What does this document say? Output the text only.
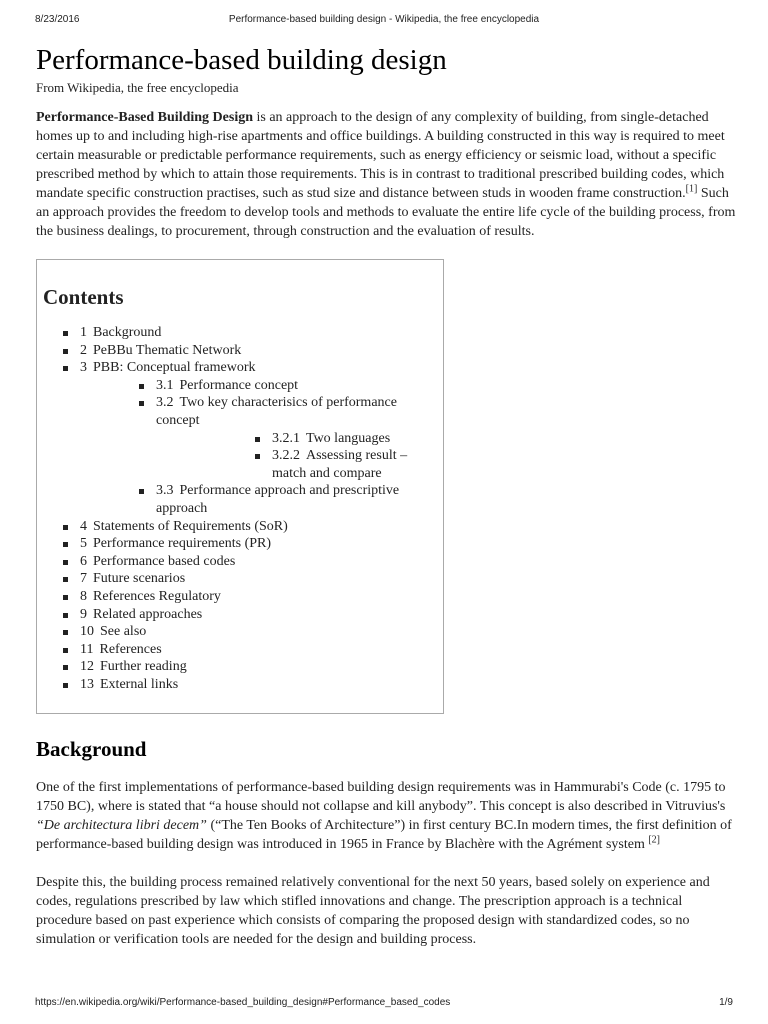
8/23/2016	Performance-based building design - Wikipedia, the free encyclopedia
Performance-based building design
From Wikipedia, the free encyclopedia

Performance-Based Building Design is an approach to the design of any complexity of building, from single-detached homes up to and including high-rise apartments and office buildings. A building constructed in this way is required to meet certain measurable or predictable performance requirements, such as energy efficiency or seismic load, without a specific prescribed method by which to attain those requirements. This is in contrast to traditional prescribed building codes, which mandate specific construction practises, such as stud size and distance between studs in wooden frame construction.[1] Such an approach provides the freedom to develop tools and methods to evaluate the entire life cycle of the building process, from the business dealings, to procurement, through construction and the evaluation of results.

Contents
1 Background
2 PeBBu Thematic Network
3 PBB: Conceptual framework
3.1 Performance concept
3.2 Two key characterisics of performance concept
3.2.1 Two languages
3.2.2 Assessing result – match and compare
3.3 Performance approach and prescriptive approach
4 Statements of Requirements (SoR)
5 Performance requirements (PR)
6 Performance based codes
7 Future scenarios
8 References Regulatory
9 Related approaches
10 See also
11 References
12 Further reading
13 External links
Background

One of the first implementations of performance-based building design requirements was in Hammurabi's Code (c. 1795 to 1750 BC), where is stated that “a house should not collapse and kill anybody”. This concept is also described in Vitruvius's “De architectura libri decem” (“The Ten Books of Architecture”) in first century BC.In modern times, the first definition of performance-based building design was introduced in 1965 in France by Blachère with the Agrément system [2]

Despite this, the building process remained relatively conventional for the next 50 years, based solely on experience and codes, regulations prescribed by law which stifled innovations and change. The prescription approach is a technical procedure based on past experience which consists of comparing the proposed design with standardized codes, so no simulation or verification tools are needed for the design and building process.

https://en.wikipedia.org/wiki/Performance-based_building_design#Performance_based_codes	1/9
